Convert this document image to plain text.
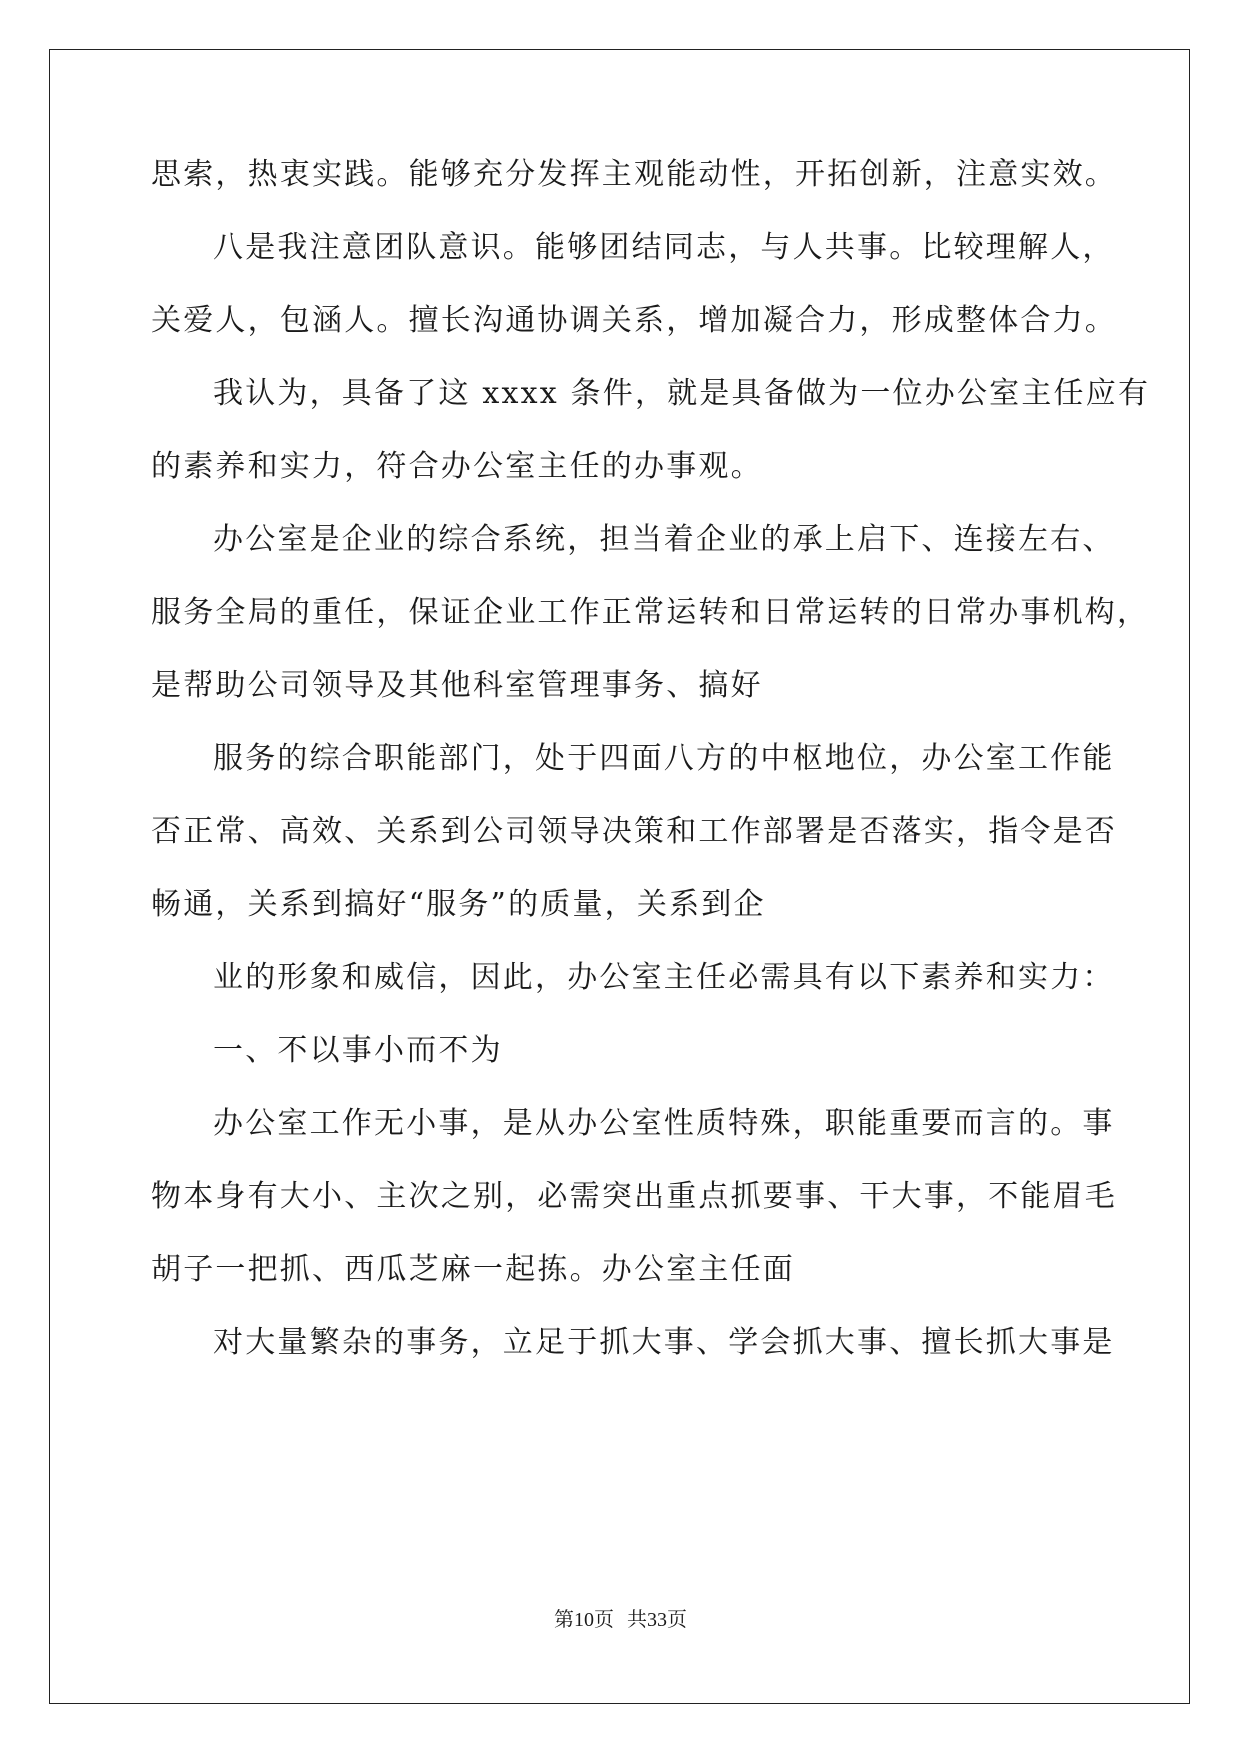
思索，热衷实践。能够充分发挥主观能动性，开拓创新，注意实效。
八是我注意团队意识。能够团结同志，与人共事。比较理解人，
关爱人，包涵人。擅长沟通协调关系，增加凝合力，形成整体合力。
我认为，具备了这 xxxx 条件，就是具备做为一位办公室主任应有
的素养和实力，符合办公室主任的办事观。
办公室是企业的综合系统，担当着企业的承上启下、连接左右、
服务全局的重任，保证企业工作正常运转和日常运转的日常办事机构，
是帮助公司领导及其他科室管理事务、搞好
服务的综合职能部门，处于四面八方的中枢地位，办公室工作能
否正常、高效、关系到公司领导决策和工作部署是否落实，指令是否
畅通，关系到搞好“服务”的质量，关系到企
业的形象和威信，因此，办公室主任必需具有以下素养和实力：
一、不以事小而不为
办公室工作无小事，是从办公室性质特殊，职能重要而言的。事
物本身有大小、主次之别，必需突出重点抓要事、干大事，不能眉毛
胡子一把抓、西瓜芝麻一起拣。办公室主任面
对大量繁杂的事务，立足于抓大事、学会抓大事、擅长抓大事是
第10页 共33页
